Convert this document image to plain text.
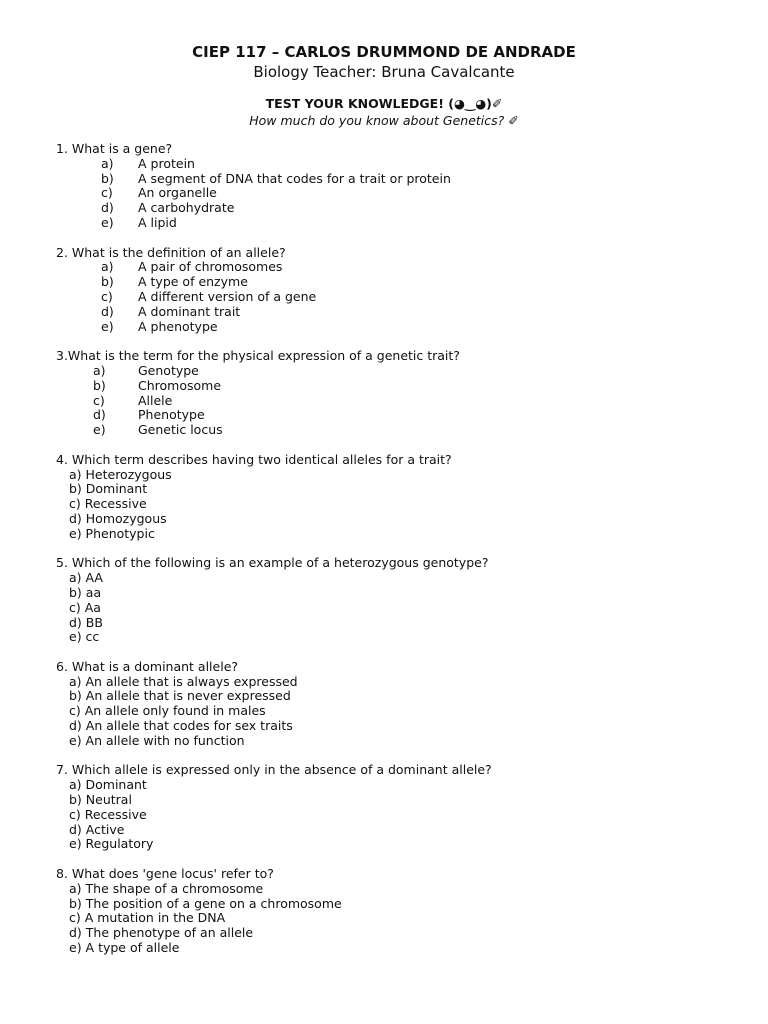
CIEP 117 – CARLOS DRUMMOND DE ANDRADE

Biology Teacher: Bruna Cavalcante

TEST YOUR KNOWLEDGE! (◕‿◕)✐
How much do you know about Genetics? ✐
1. What is a gene?
a) A protein
b) A segment of DNA that codes for a trait or protein
c) An organelle
d) A carbohydrate
e) A lipid
2. What is the definition of an allele?
a) A pair of chromosomes
b) A type of enzyme
c) A different version of a gene
d) A dominant trait
e) A phenotype
3.What is the term for the physical expression of a genetic trait?
a)	Genotype
b)	Chromosome
c)	Allele
d)	Phenotype
e)	Genetic locus
4. Which term describes having two identical alleles for a trait?
a) Heterozygous
b) Dominant
c) Recessive
d) Homozygous
e) Phenotypic
5. Which of the following is an example of a heterozygous genotype?
a) AA
b) aa
c) Aa
d) BB
e) cc
6. What is a dominant allele?
a) An allele that is always expressed
b) An allele that is never expressed
c) An allele only found in males
d) An allele that codes for sex traits
e) An allele with no function
7. Which allele is expressed only in the absence of a dominant allele?
a) Dominant
b) Neutral
c) Recessive
d) Active
e) Regulatory
8. What does 'gene locus' refer to?
a) The shape of a chromosome
b) The position of a gene on a chromosome
c) A mutation in the DNA
d) The phenotype of an allele
e) A type of allele
